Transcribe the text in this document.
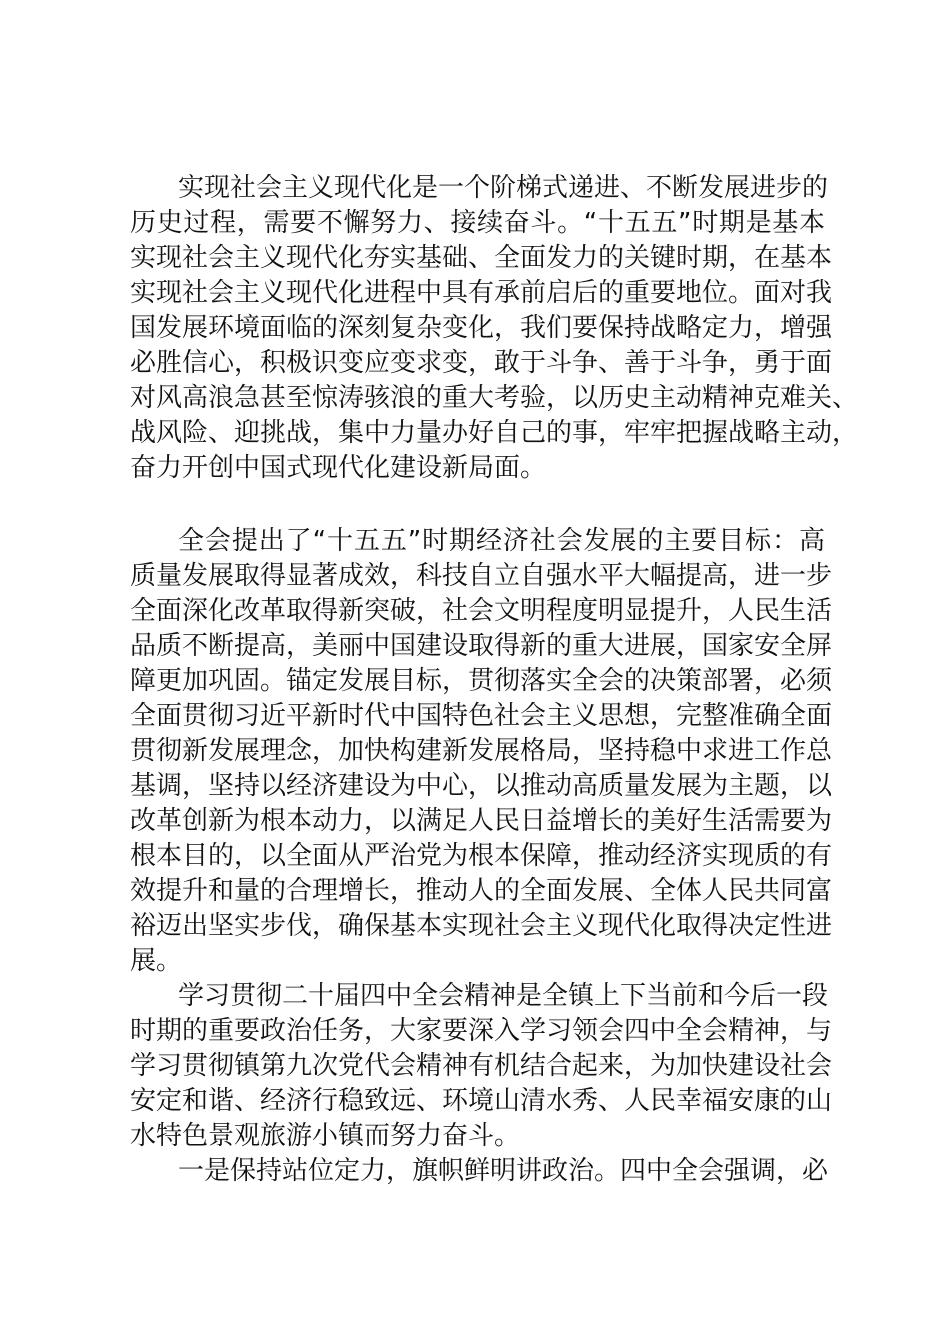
实现社会主义现代化是一个阶梯式递进、不断发展进步的
历史过程，需要不懈努力、接续奋斗。“十五五”时期是基本
实现社会主义现代化夯实基础、全面发力的关键时期，在基本
实现社会主义现代化进程中具有承前启后的重要地位。面对我
国发展环境面临的深刻复杂变化，我们要保持战略定力，增强
必胜信心，积极识变应变求变，敢于斗争、善于斗争，勇于面
对风高浪急甚至惊涛骇浪的重大考验，以历史主动精神克难关、
战风险、迎挑战，集中力量办好自己的事，牢牢把握战略主动，
奋力开创中国式现代化建设新局面。
全会提出了“十五五”时期经济社会发展的主要目标：高
质量发展取得显著成效，科技自立自强水平大幅提高，进一步
全面深化改革取得新突破，社会文明程度明显提升，人民生活
品质不断提高，美丽中国建设取得新的重大进展，国家安全屏
障更加巩固。锚定发展目标，贯彻落实全会的决策部署，必须
全面贯彻习近平新时代中国特色社会主义思想，完整准确全面
贯彻新发展理念，加快构建新发展格局，坚持稳中求进工作总
基调，坚持以经济建设为中心，以推动高质量发展为主题，以
改革创新为根本动力，以满足人民日益增长的美好生活需要为
根本目的，以全面从严治党为根本保障，推动经济实现质的有
效提升和量的合理增长，推动人的全面发展、全体人民共同富
裕迈出坚实步伐，确保基本实现社会主义现代化取得决定性进
展。
学习贯彻二十届四中全会精神是全镇上下当前和今后一段
时期的重要政治任务，大家要深入学习领会四中全会精神，与
学习贯彻镇第九次党代会精神有机结合起来，为加快建设社会
安定和谐、经济行稳致远、环境山清水秀、人民幸福安康的山
水特色景观旅游小镇而努力奋斗。
一是保持站位定力，旗帜鲜明讲政治。四中全会强调，必
